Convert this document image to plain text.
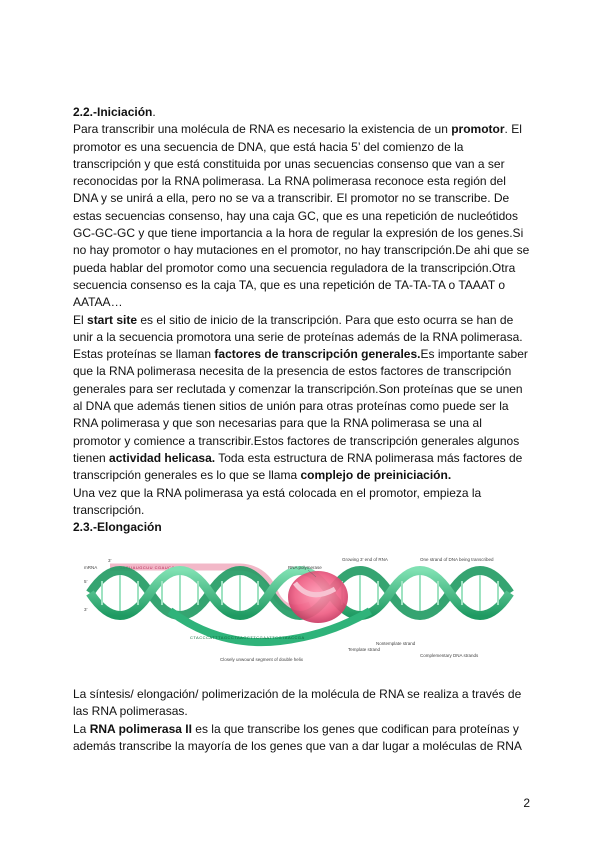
2.2.-Iniciación.

Para transcribir una molécula de RNA es necesario la existencia de un promotor. El promotor es una secuencia de DNA, que está hacia 5’ del comienzo de la transcripción y que está constituida por unas secuencias consenso que van a ser reconocidas por la RNA polimerasa. La RNA polimerasa reconoce esta región del DNA y se unirá a ella, pero no se va a transcribir. El promotor no se transcribe. De estas secuencias consenso, hay una caja GC, que es una repetición de nucleótidos GC-GC-GC y que tiene importancia a la hora de regular la expresión de los genes.Si no hay promotor o hay mutaciones en el promotor, no hay transcripción.De ahi que se pueda hablar del promotor como una secuencia reguladora de la transcripción.Otra secuencia consenso es la caja TA, que es una repetición de TA-TA-TA o TAAAT o AATAA…

El start site es el sitio de inicio de la transcripción. Para que esto ocurra se han de unir a la secuencia promotora una serie de proteínas además de la RNA polimerasa. Estas proteínas se llaman factores de transcripción generales.Es importante saber que la RNA polimerasa necesita de la presencia de estos factores de transcripción generales para ser reclutada y comenzar la transcripción.Son proteínas que se unen al DNA que además tienen sitios de unión para otras proteínas como puede ser la RNA polimerasa y que son necesarias para que la RNA polimerasa se una al promotor y comience a transcribir.Estos factores de transcripción generales algunos tienen actividad helicasa. Toda esta estructura de RNA polimerasa más factores de transcripción generales es lo que se llama complejo de preiniciación.

Una vez que la RNA polimerasa ya está colocada en el promotor, empieza la transcripción.

2.3.-Elongación

JAGUAUGCUU CGAUCCGGA
mRNA
3’
CTACCCATTTAGCCTAAGCTTCGAATTCGTAACCGA
5’
3’
RNA polymerase
Growing 3’ end of RNA	One strand of DNA being transcribed
Template strand
Nontemplate strand
Complementary DNA strands
Closely unwound segment of double helix

La síntesis/ elongación/ polimerización de la molécula de RNA se realiza a través de las RNA polimerasas.

La RNA polimerasa II es la que transcribe los genes que codifican para proteínas y además transcribe la mayoría de los genes que van a dar lugar a moléculas de RNA

2
